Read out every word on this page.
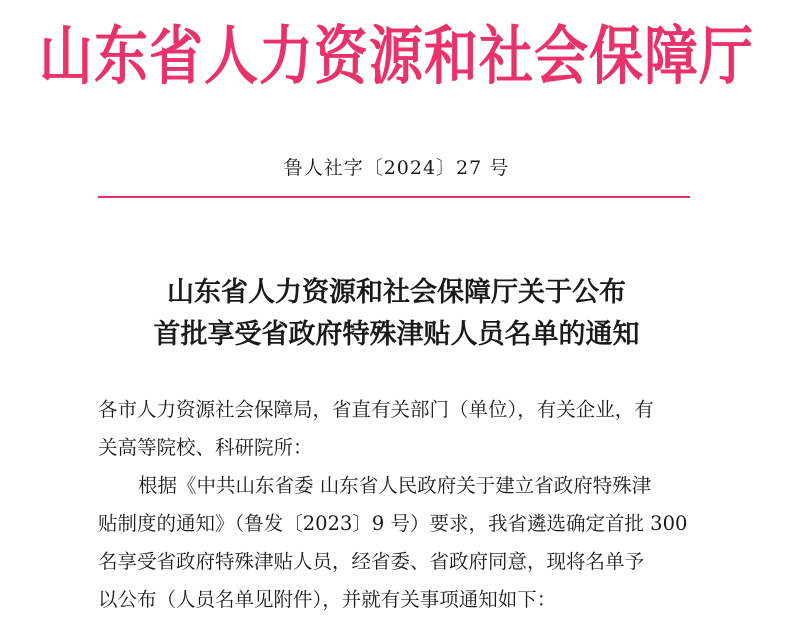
山东省人力资源和社会保障厅
鲁人社字〔2024〕27 号
山东省人力资源和社会保障厅关于公布
首批享受省政府特殊津贴人员名单的通知

各市人力资源社会保障局，省直有关部门（单位），有关企业，有
关高等院校、科研院所：

根据《中共山东省委 山东省人民政府关于建立省政府特殊津
贴制度的通知》（鲁发〔2023〕9 号）要求，我省遴选确定首批 300
名享受省政府特殊津贴人员，经省委、省政府同意，现将名单予
以公布（人员名单见附件），并就有关事项通知如下：
